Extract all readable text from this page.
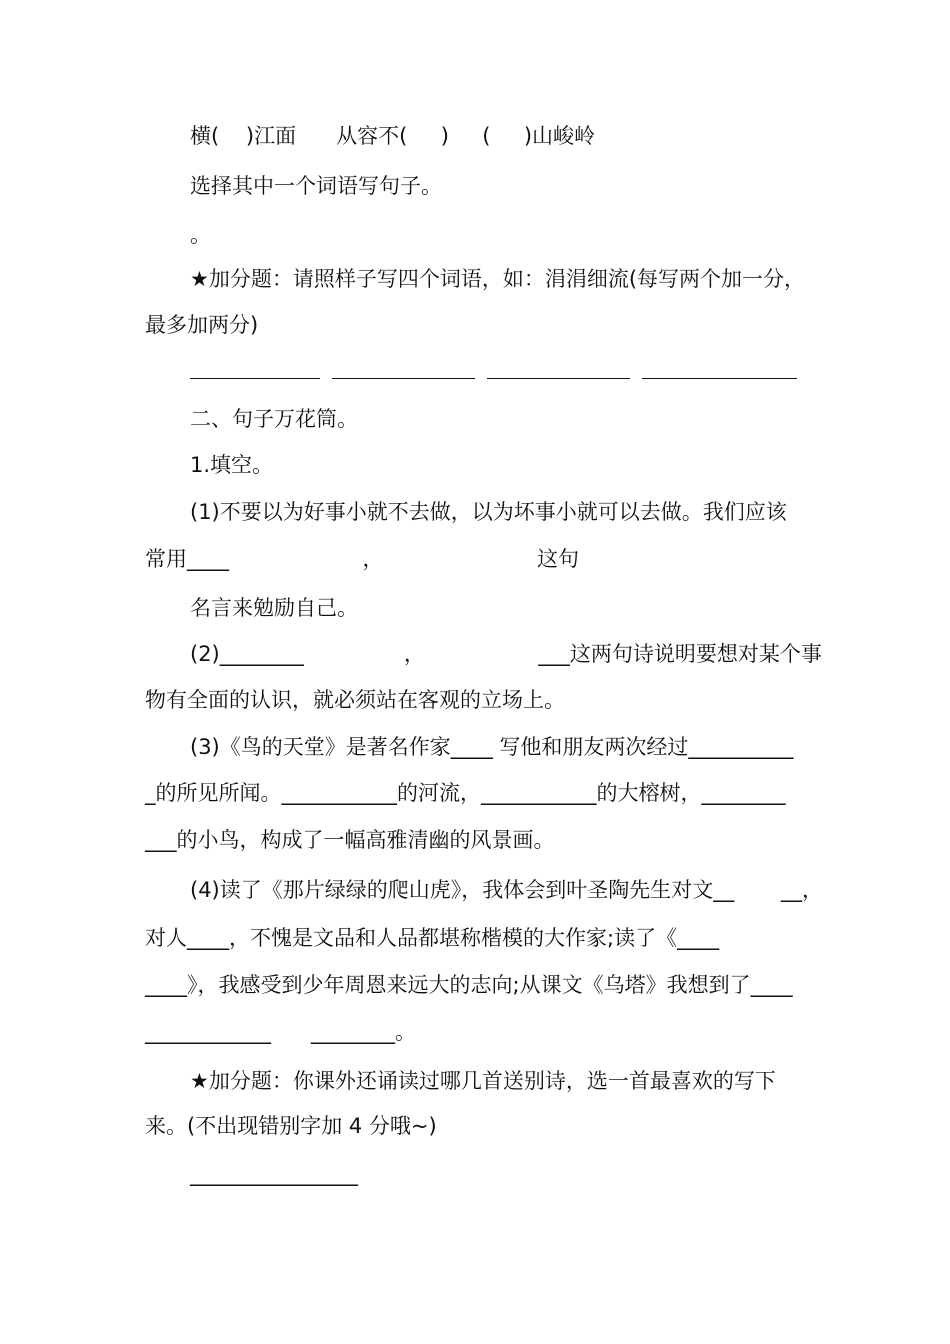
横(    )江面      从容不(     )     (     )山峻岭
选择其中一个词语写句子。
。
★加分题：请照样子写四个词语，如：涓涓细流(每写两个加一分，
最多加两分)
二、句子万花筒。
1.填空。
(1)不要以为好事小就不去做，以为坏事小就可以去做。我们应该
常用____                    ，                       这句
名言来勉励自己。
(2)________               ，                 ___这两句诗说明要想对某个事
物有全面的认识，就必须站在客观的立场上。
(3)《鸟的天堂》是著名作家____ 写他和朋友两次经过__________
_的所见所闻。___________的河流，___________的大榕树，________
___的小鸟，构成了一幅高雅清幽的风景画。
(4)读了《那片绿绿的爬山虎》，我体会到叶圣陶先生对文__       __，
对人____，不愧是文品和人品都堪称楷模的大作家;读了《____
____》，我感受到少年周恩来远大的志向;从课文《乌塔》我想到了____
____________      ________。
★加分题：你课外还诵读过哪几首送别诗，选一首最喜欢的写下
来。(不出现错别字加 4 分哦~)
________________
